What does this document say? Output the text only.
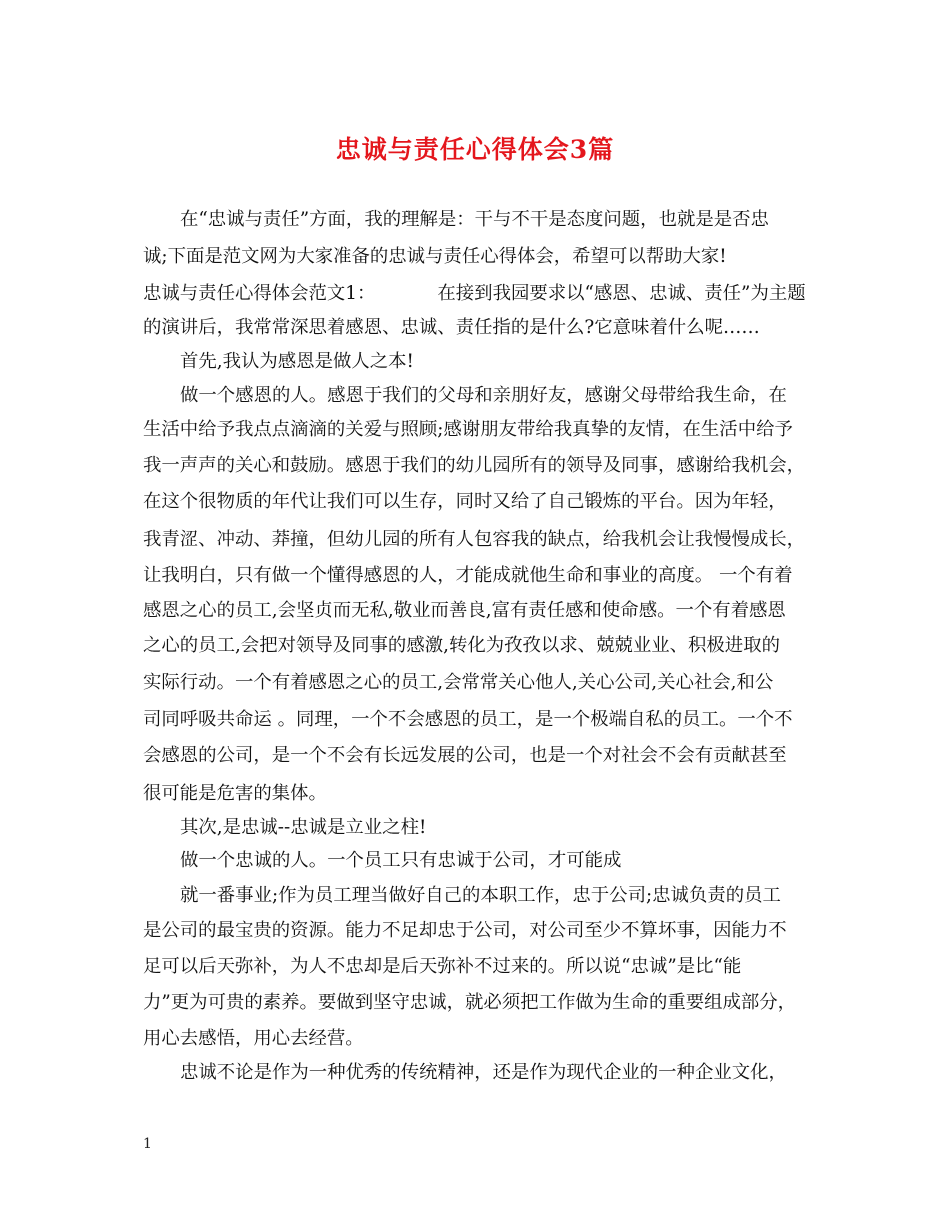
忠诚与责任心得体会3篇
在“忠诚与责任”方面，我的理解是：干与不干是态度问题，也就是是否忠
诚;下面是范文网为大家准备的忠诚与责任心得体会，希望可以帮助大家!
忠诚与责任心得体会范文1：	在接到我园要求以“感恩、忠诚、责任”为主题
的演讲后，我常常深思着感恩、忠诚、责任指的是什么?它意味着什么呢……
首先,我认为感恩是做人之本!
做一个感恩的人。感恩于我们的父母和亲朋好友，感谢父母带给我生命，在
生活中给予我点点滴滴的关爱与照顾;感谢朋友带给我真挚的友情，在生活中给予
我一声声的关心和鼓励。感恩于我们的幼儿园所有的领导及同事，感谢给我机会，
在这个很物质的年代让我们可以生存，同时又给了自己锻炼的平台。因为年轻，
我青涩、冲动、莽撞，但幼儿园的所有人包容我的缺点，给我机会让我慢慢成长，
让我明白，只有做一个懂得感恩的人，才能成就他生命和事业的高度。 一个有着
感恩之心的员工,会坚贞而无私,敬业而善良,富有责任感和使命感。一个有着感恩
之心的员工,会把对领导及同事的感激,转化为孜孜以求、兢兢业业、积极进取的
实际行动。一个有着感恩之心的员工,会常常关心他人,关心公司,关心社会,和公
司同呼吸共命运 。同理，一个不会感恩的员工，是一个极端自私的员工。一个不
会感恩的公司，是一个不会有长远发展的公司，也是一个对社会不会有贡献甚至
很可能是危害的集体。
其次,是忠诚--忠诚是立业之柱!
做一个忠诚的人。一个员工只有忠诚于公司，才可能成
就一番事业;作为员工理当做好自己的本职工作，忠于公司;忠诚负责的员工
是公司的最宝贵的资源。能力不足却忠于公司，对公司至少不算坏事，因能力不
足可以后天弥补，为人不忠却是后天弥补不过来的。所以说“忠诚”是比“能
力”更为可贵的素养。要做到坚守忠诚，就必须把工作做为生命的重要组成部分，
用心去感悟，用心去经营。
忠诚不论是作为一种优秀的传统精神，还是作为现代企业的一种企业文化，
1
